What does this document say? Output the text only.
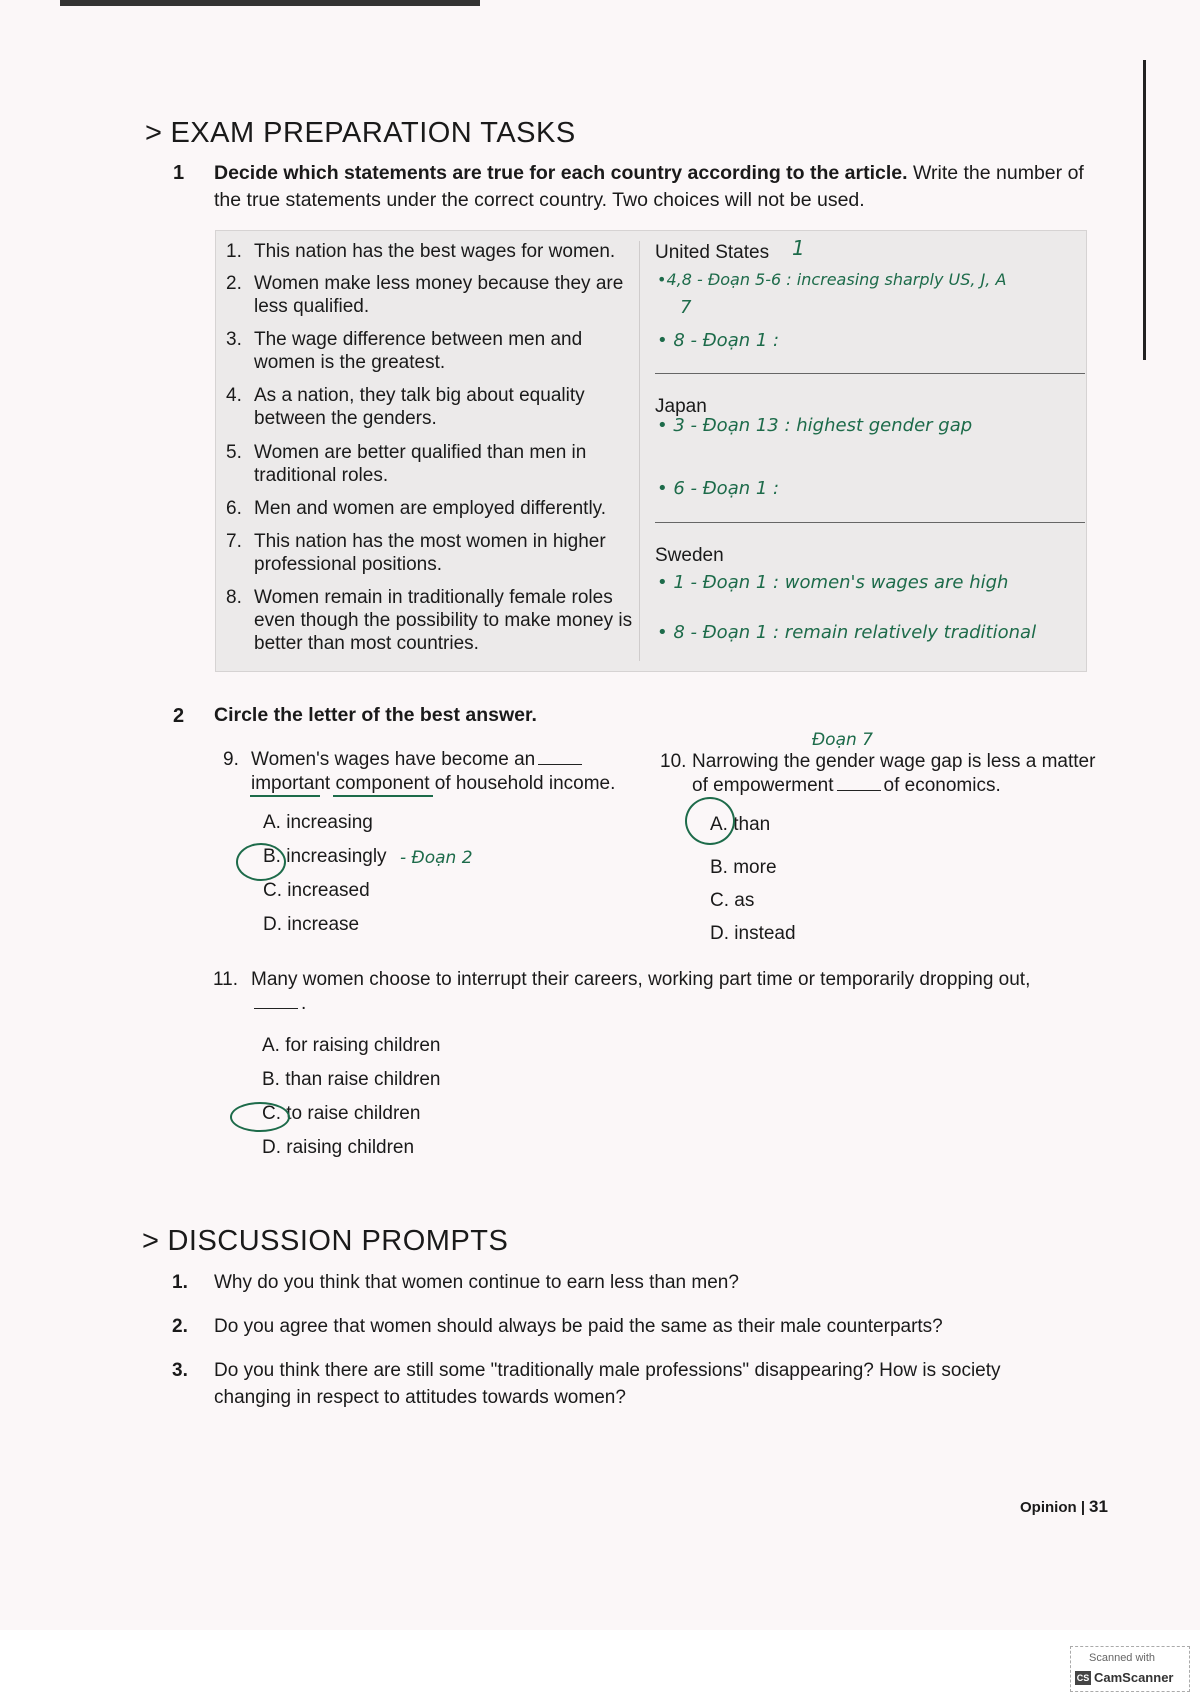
> EXAM PREPARATION TASKS
1 Decide which statements are true for each country according to the article. Write the number of the true statements under the correct country. Two choices will not be used.
1. This nation has the best wages for women.
2. Women make less money because they are less qualified.
3. The wage difference between men and women is the greatest.
4. As a nation, they talk big about equality between the genders.
5. Women are better qualified than men in traditional roles.
6. Men and women are employed differently.
7. This nation has the most women in higher professional positions.
8. Women remain in traditionally female roles even though the possibility to make money is better than most countries.
United States 1
•4,8 - Đoạn 5-6 : increasing sharply US, J, A
7
• 8 - Đoạn 1 :
Japan
• 3 - Đoạn 13 : highest gender gap
• 6 - Đoạn 1 :
Sweden
• 1 - Đoạn 1 : women's wages are high
• 8 - Đoạn 1 : remain relatively traditional
2 Circle the letter of the best answer.
9. Women's wages have become an important component of household income.
A. increasing
B. increasingly - Đoạn 2
C. increased
D. increase
Đoạn 7
10. Narrowing the gender wage gap is less a matter of empowerment	of economics.
A. than
B. more
C. as
D. instead
11. Many women choose to interrupt their careers, working part time or temporarily dropping out,.
A. for raising children
B. than raise children
C. to raise children
D. raising children
> DISCUSSION PROMPTS
1. Why do you think that women continue to earn less than men?
2. Do you agree that women should always be paid the same as their male counterparts?
3. Do you think there are still some "traditionally male professions" disappearing? How is society changing in respect to attitudes towards women?
Opinion | 31
Scanned with
CS CamScanner
